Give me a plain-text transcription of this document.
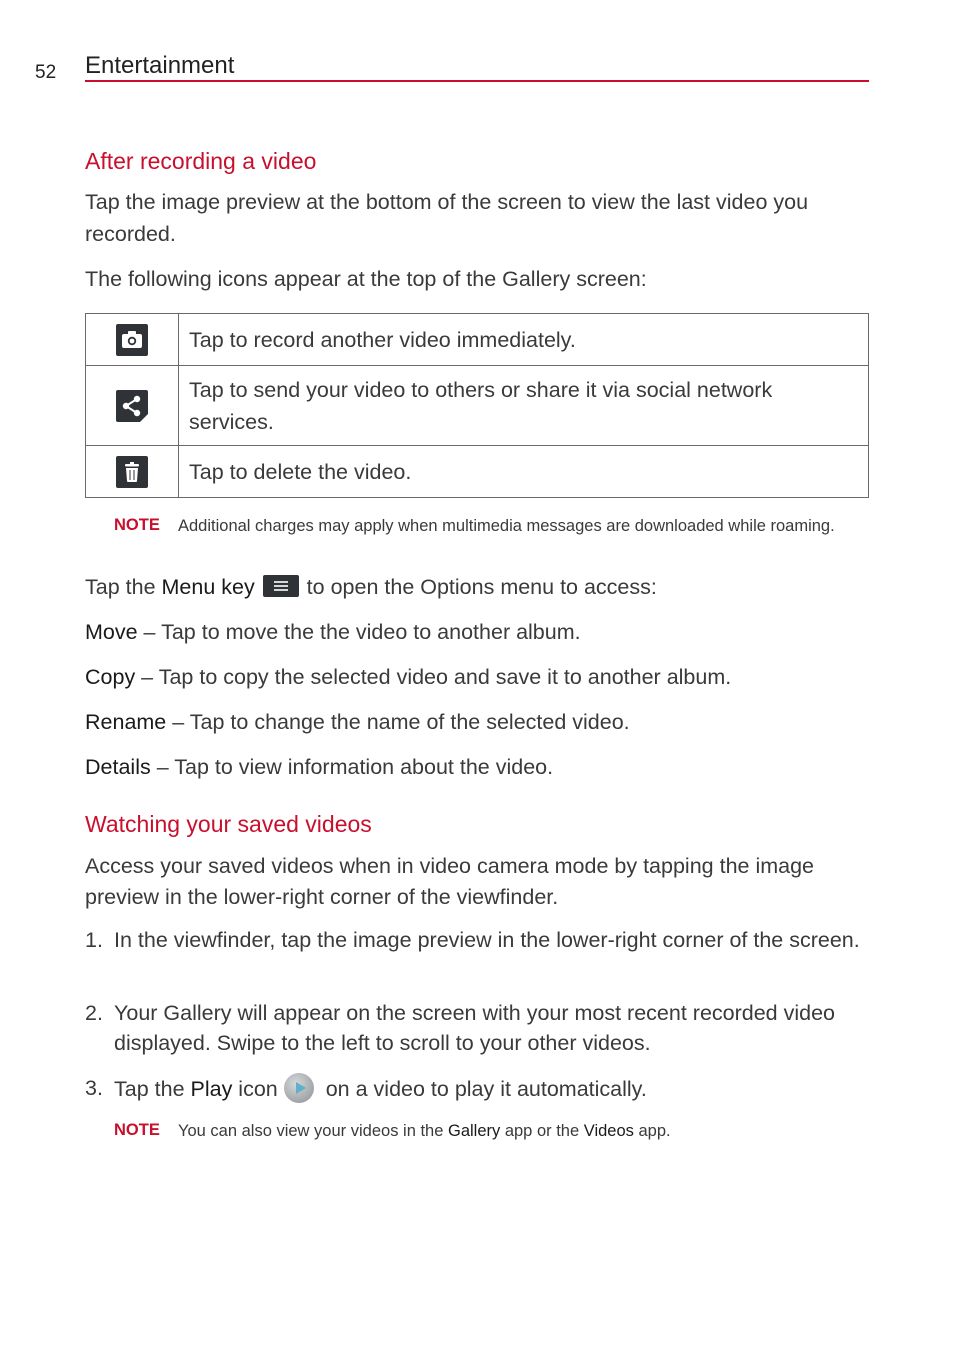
52 Entertainment
After recording a video
Tap the image preview at the bottom of the screen to view the last video you recorded.
The following icons appear at the top of the Gallery screen:
	Tap to record another video immediately.

	Tap to send your video to others or share it via social network services.

	Tap to delete the video.
NOTE Additional charges may apply when multimedia messages are downloaded while roaming.
Tap the Menu key
to open the Options menu to access:
Move – Tap to move the the video to another album.
Copy – Tap to copy the selected video and save it to another album.
Rename – Tap to change the name of the selected video.
Details – Tap to view information about the video.
Watching your saved videos
Access your saved videos when in video camera mode by tapping the image preview in the lower-right corner of the viewfinder.
1. In the viewfinder, tap the image preview in the lower-right corner of the screen.
2. Your Gallery will appear on the screen with your most recent recorded video displayed. Swipe to the left to scroll to your other videos.
3. Tap the Play icon
on a video to play it automatically.
NOTE You can also view your videos in the Gallery app or the Videos app.
